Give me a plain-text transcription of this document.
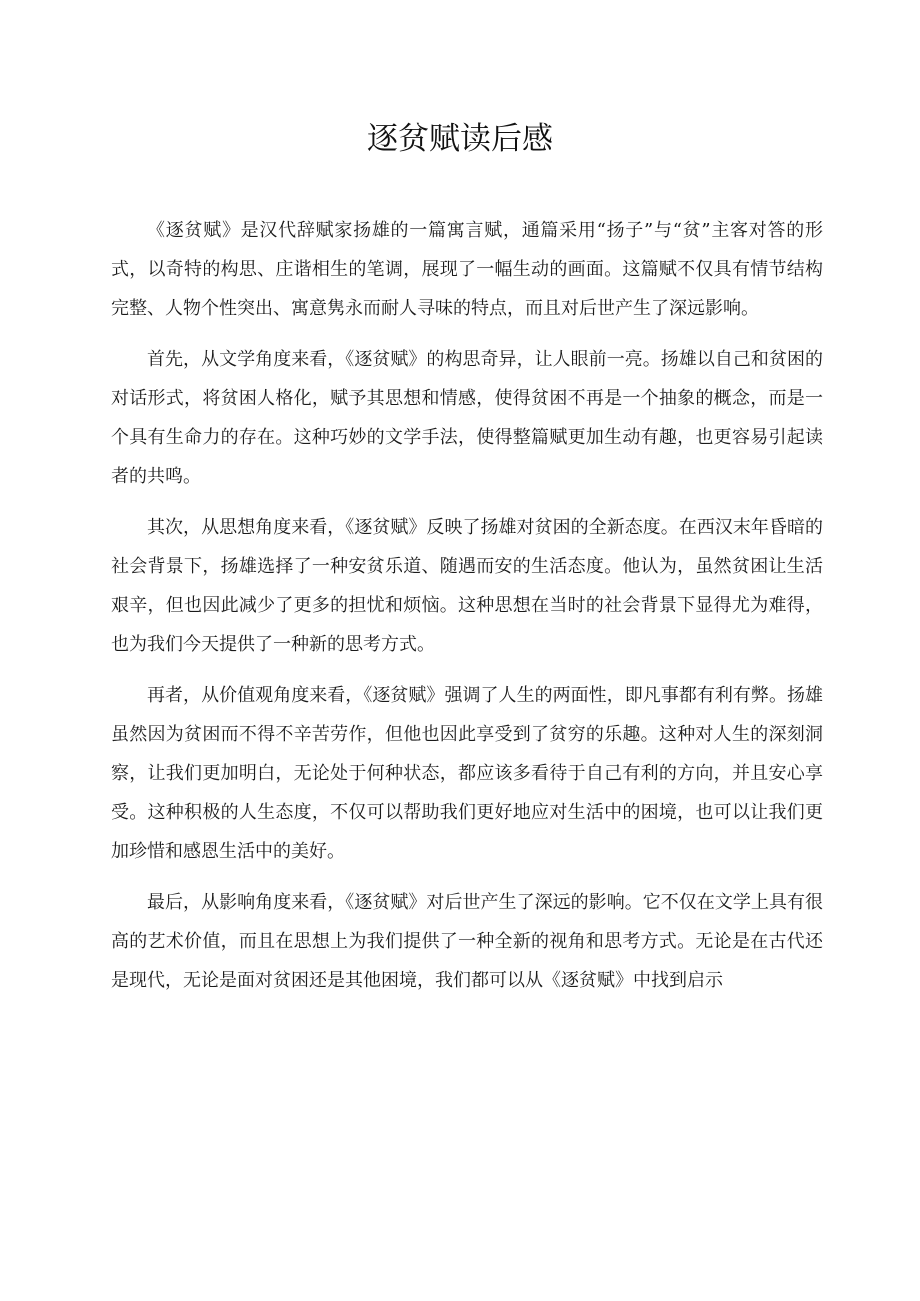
逐贫赋读后感

《逐贫赋》是汉代辞赋家扬雄的一篇寓言赋，通篇采用“扬子”与“贫”主客对答的形式，以奇特的构思、庄谐相生的笔调，展现了一幅生动的画面。这篇赋不仅具有情节结构完整、人物个性突出、寓意隽永而耐人寻味的特点，而且对后世产生了深远影响。

首先，从文学角度来看，《逐贫赋》的构思奇异，让人眼前一亮。扬雄以自己和贫困的对话形式，将贫困人格化，赋予其思想和情感，使得贫困不再是一个抽象的概念，而是一个具有生命力的存在。这种巧妙的文学手法，使得整篇赋更加生动有趣，也更容易引起读者的共鸣。

其次，从思想角度来看，《逐贫赋》反映了扬雄对贫困的全新态度。在西汉末年昏暗的社会背景下，扬雄选择了一种安贫乐道、随遇而安的生活态度。他认为，虽然贫困让生活艰辛，但也因此减少了更多的担忧和烦恼。这种思想在当时的社会背景下显得尤为难得，也为我们今天提供了一种新的思考方式。

再者，从价值观角度来看，《逐贫赋》强调了人生的两面性，即凡事都有利有弊。扬雄虽然因为贫困而不得不辛苦劳作，但他也因此享受到了贫穷的乐趣。这种对人生的深刻洞察，让我们更加明白，无论处于何种状态，都应该多看待于自己有利的方向，并且安心享受。这种积极的人生态度，不仅可以帮助我们更好地应对生活中的困境，也可以让我们更加珍惜和感恩生活中的美好。

最后，从影响角度来看，《逐贫赋》对后世产生了深远的影响。它不仅在文学上具有很高的艺术价值，而且在思想上为我们提供了一种全新的视角和思考方式。无论是在古代还是现代，无论是面对贫困还是其他困境，我们都可以从《逐贫赋》中找到启示
